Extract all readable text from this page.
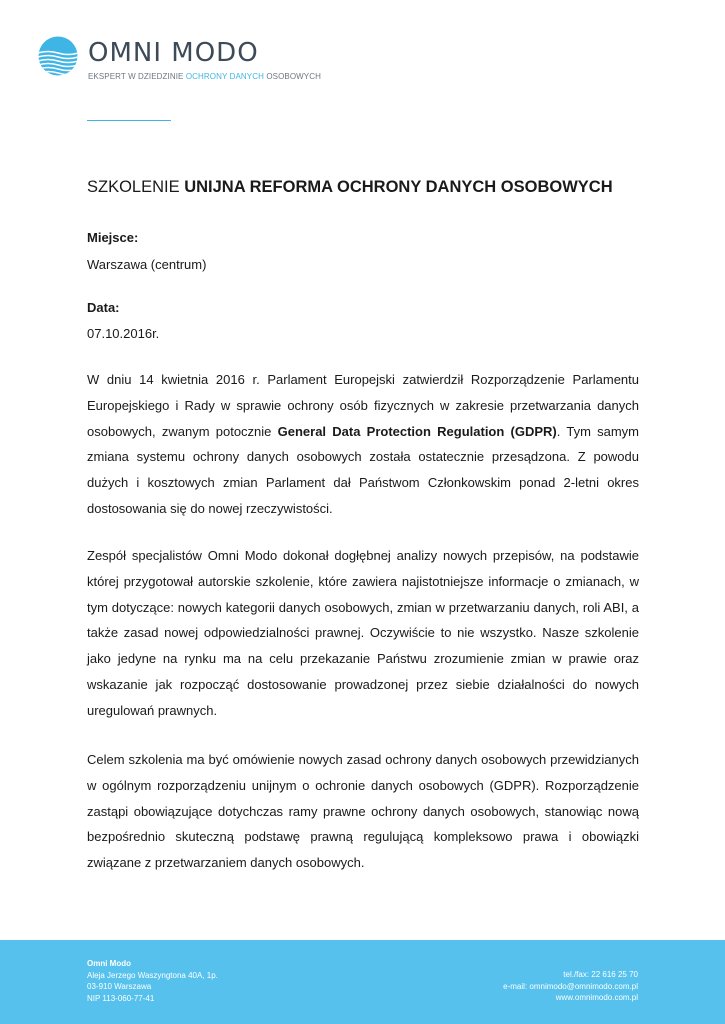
OMNI MODO
EKSPERT W DZIEDZINIE OCHRONY DANYCH OSOBOWYCH
SZKOLENIE UNIJNA REFORMA OCHRONY DANYCH OSOBOWYCH
Miejsce:
Warszawa (centrum)
Data:
07.10.2016r.

W dniu 14 kwietnia 2016 r. Parlament Europejski zatwierdził Rozporządzenie Parlamentu Europejskiego i Rady w sprawie ochrony osób fizycznych w zakresie przetwarzania danych osobowych, zwanym potocznie General Data Protection Regulation (GDPR). Tym samym zmiana systemu ochrony danych osobowych została ostatecznie przesądzona. Z powodu dużych i kosztowych zmian Parlament dał Państwom Członkowskim ponad 2-letni okres dostosowania się do nowej rzeczywistości.

Zespół specjalistów Omni Modo dokonał dogłębnej analizy nowych przepisów, na podstawie której przygotował autorskie szkolenie, które zawiera najistotniejsze informacje o zmianach, w tym dotyczące: nowych kategorii danych osobowych, zmian w przetwarzaniu danych, roli ABI, a także zasad nowej odpowiedzialności prawnej. Oczywiście to nie wszystko. Nasze szkolenie jako jedyne na rynku ma na celu przekazanie Państwu zrozumienie zmian w prawie oraz wskazanie jak rozpocząć dostosowanie prowadzonej przez siebie działalności do nowych uregulowań prawnych.

Celem szkolenia ma być omówienie nowych zasad ochrony danych osobowych przewidzianych w ogólnym rozporządzeniu unijnym o ochronie danych osobowych (GDPR). Rozporządzenie zastąpi obowiązujące dotychczas ramy prawne ochrony danych osobowych, stanowiąc nową bezpośrednio skuteczną podstawę prawną regulującą kompleksowo prawa i obowiązki związane z przetwarzaniem danych osobowych.

Omni Modo
Aleja Jerzego Waszyngtona 40A, 1p.
03-910 Warszawa
NIP 113-060-77-41
tel./fax: 22 616 25 70
e-mail: omnimodo@omnimodo.com.pl
www.omnimodo.com.pl
